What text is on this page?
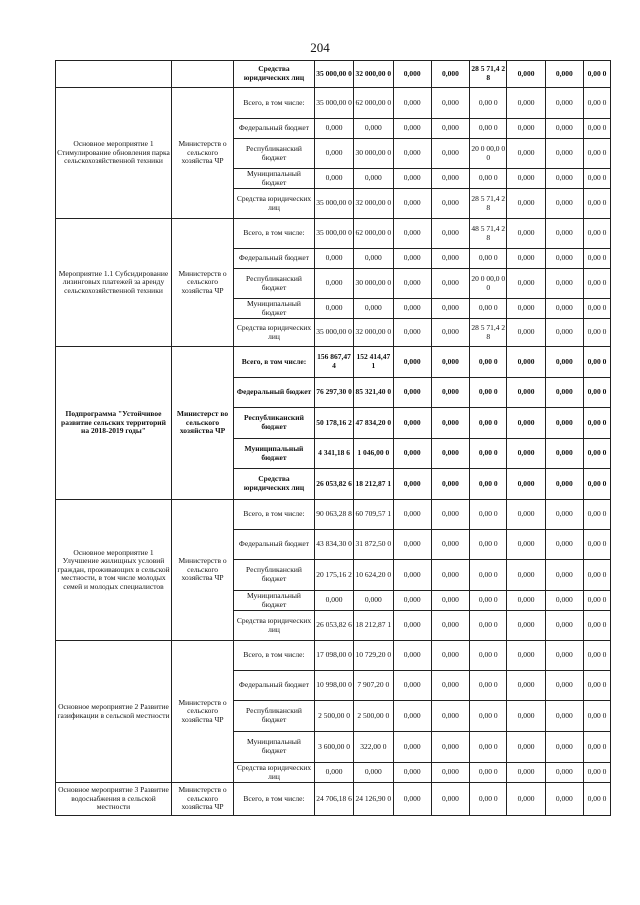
204
		Средства юридических лиц	35 000,00 0	32 000,00 0	0,000	0,000	28 5 71,4 28	0,000	0,000	0,00 0
Основное мероприятие 1 Стимулирование обновления парка сельскохозяйственной техники	Министерств о сельского хозяйства ЧР	Всего, в том числе:	35 000,00 0	62 000,00 0	0,000	0,000	0,00 0	0,000	0,000	0,00 0
		Федеральный бюджет	0,000	0,000	0,000	0,000	0,00 0	0,000	0,000	0,00 0
		Республиканский бюджет	0,000	30 000,00 0	0,000	0,000	20 0 00,0 00	0,000	0,000	0,00 0
		Муниципальный бюджет	0,000	0,000	0,000	0,000	0,00 0	0,000	0,000	0,00 0
		Средства юридических лиц	35 000,00 0	32 000,00 0	0,000	0,000	28 5 71,4 28	0,000	0,000	0,00 0
Мероприятие 1.1 Субсидирование лизинговых платежей за аренду сельскохозяйственной техники	Министерств о сельского хозяйства ЧР	Всего, в том числе:	35 000,00 0	62 000,00 0	0,000	0,000	48 5 71,4 28	0,000	0,000	0,00 0
		Федеральный бюджет	0,000	0,000	0,000	0,000	0,00 0	0,000	0,000	0,00 0
		Республиканский бюджет	0,000	30 000,00 0	0,000	0,000	20 0 00,0 00	0,000	0,000	0,00 0
		Муниципальный бюджет	0,000	0,000	0,000	0,000	0,00 0	0,000	0,000	0,00 0
		Средства юридических лиц	35 000,00 0	32 000,00 0	0,000	0,000	28 5 71,4 28	0,000	0,000	0,00 0
Подпрограмма "Устойчивое развитие сельских территорий на 2018-2019 годы"	Министерст во сельского хозяйства ЧР	Всего, в том числе:	156 867,47 4	152 414,47 1	0,000	0,000	0,00 0	0,000	0,000	0,00 0
		Федеральный бюджет	76 297,30 0	85 321,40 0	0,000	0,000	0,00 0	0,000	0,000	0,00 0
		Республиканский бюджет	50 178,16 2	47 834,20 0	0,000	0,000	0,00 0	0,000	0,000	0,00 0
		Муниципальный бюджет	4 341,18 6	1 046,00 0	0,000	0,000	0,00 0	0,000	0,000	0,00 0
		Средства юридических лиц	26 053,82 6	18 212,87 1	0,000	0,000	0,00 0	0,000	0,000	0,00 0
Основное мероприятие 1 Улучшение жилищных условий граждан, проживающих в сельской местности, в том числе молодых семей и молодых специалистов	Министерств о сельского хозяйства ЧР	Всего, в том числе:	90 063,28 8	60 709,57 1	0,000	0,000	0,00 0	0,000	0,000	0,00 0
		Федеральный бюджет	43 834,30 0	31 872,50 0	0,000	0,000	0,00 0	0,000	0,000	0,00 0
		Республиканский бюджет	20 175,16 2	10 624,20 0	0,000	0,000	0,00 0	0,000	0,000	0,00 0
		Муниципальный бюджет	0,000	0,000	0,000	0,000	0,00 0	0,000	0,000	0,00 0
		Средства юридических лиц	26 053,82 6	18 212,87 1	0,000	0,000	0,00 0	0,000	0,000	0,00 0
Основное мероприятие 2 Развитие газификации в сельской местности	Министерств о сельского хозяйства ЧР	Всего, в том числе:	17 098,00 0	10 729,20 0	0,000	0,000	0,00 0	0,000	0,000	0,00 0
		Федеральный бюджет	10 998,00 0	7 907,20 0	0,000	0,000	0,00 0	0,000	0,000	0,00 0
		Республиканский бюджет	2 500,00 0	2 500,00 0	0,000	0,000	0,00 0	0,000	0,000	0,00 0
		Муниципальный бюджет	3 600,00 0	322,00 0	0,000	0,000	0,00 0	0,000	0,000	0,00 0
		Средства юридических лиц	0,000	0,000	0,000	0,000	0,00 0	0,000	0,000	0,00 0
Основное мероприятие 3 Развитие водоснабжения в сельской местности	Министерств о сельского хозяйства ЧР	Всего, в том числе:	24 706,18 6	24 126,90 0	0,000	0,000	0,00 0	0,000	0,000	0,00 0
